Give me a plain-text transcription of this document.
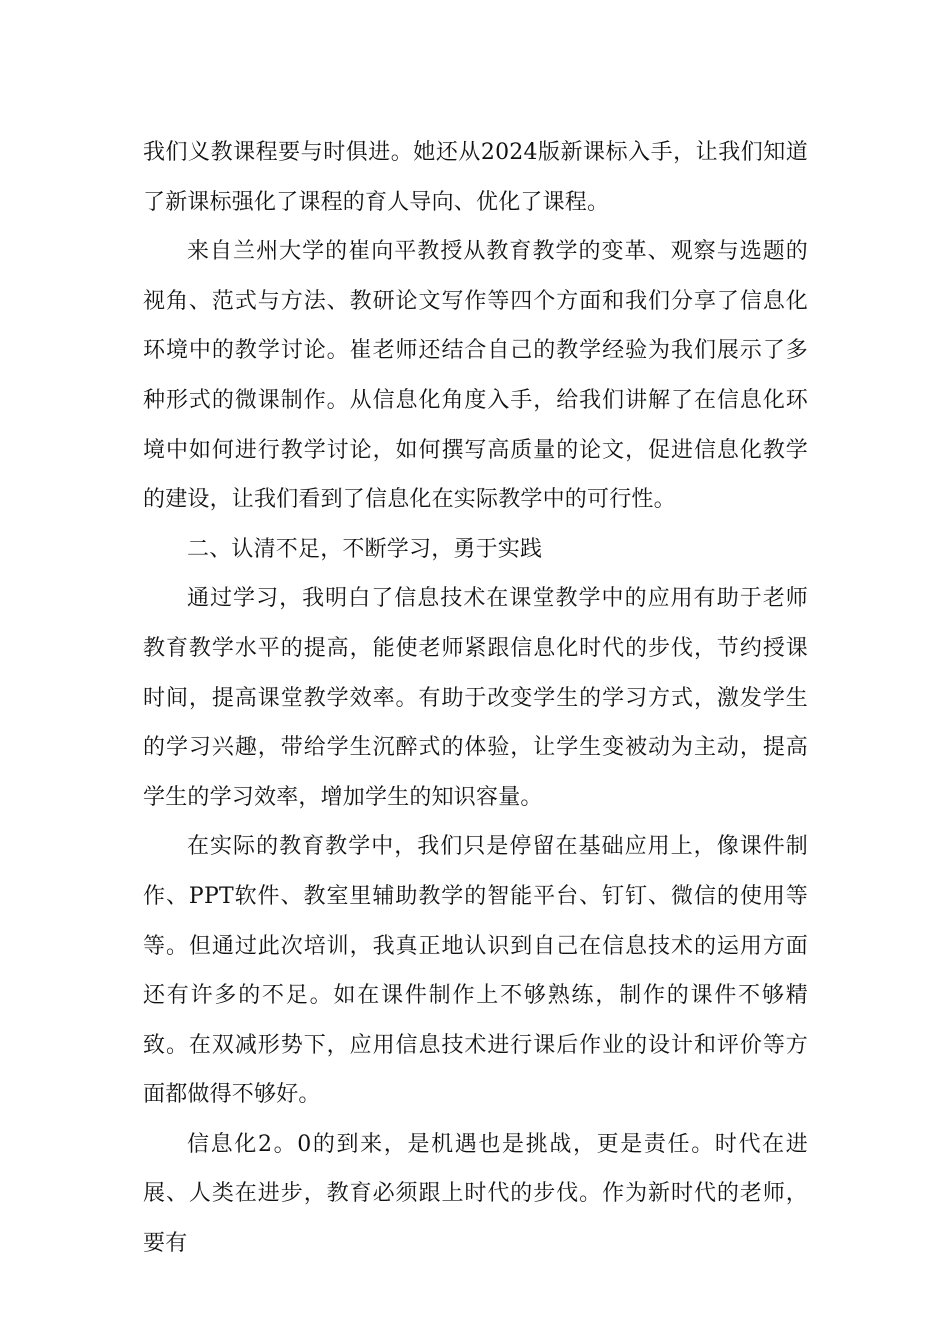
我们义教课程要与时俱进。她还从2024版新课标入手，让我们知道了新课标强化了课程的育人导向、优化了课程。

来自兰州大学的崔向平教授从教育教学的变革、观察与选题的视角、范式与方法、教研论文写作等四个方面和我们分享了信息化环境中的教学讨论。崔老师还结合自己的教学经验为我们展示了多种形式的微课制作。从信息化角度入手，给我们讲解了在信息化环境中如何进行教学讨论，如何撰写高质量的论文，促进信息化教学的建设，让我们看到了信息化在实际教学中的可行性。

二、认清不足，不断学习，勇于实践

通过学习，我明白了信息技术在课堂教学中的应用有助于老师教育教学水平的提高，能使老师紧跟信息化时代的步伐，节约授课时间，提高课堂教学效率。有助于改变学生的学习方式，激发学生的学习兴趣，带给学生沉醉式的体验，让学生变被动为主动，提高学生的学习效率，增加学生的知识容量。

在实际的教育教学中，我们只是停留在基础应用上，像课件制作、PPT软件、教室里辅助教学的智能平台、钉钉、微信的使用等等。但通过此次培训，我真正地认识到自己在信息技术的运用方面还有许多的不足。如在课件制作上不够熟练，制作的课件不够精致。在双减形势下，应用信息技术进行课后作业的设计和评价等方面都做得不够好。

信息化2。0的到来，是机遇也是挑战，更是责任。时代在进展、人类在进步，教育必须跟上时代的步伐。作为新时代的老师，要有
